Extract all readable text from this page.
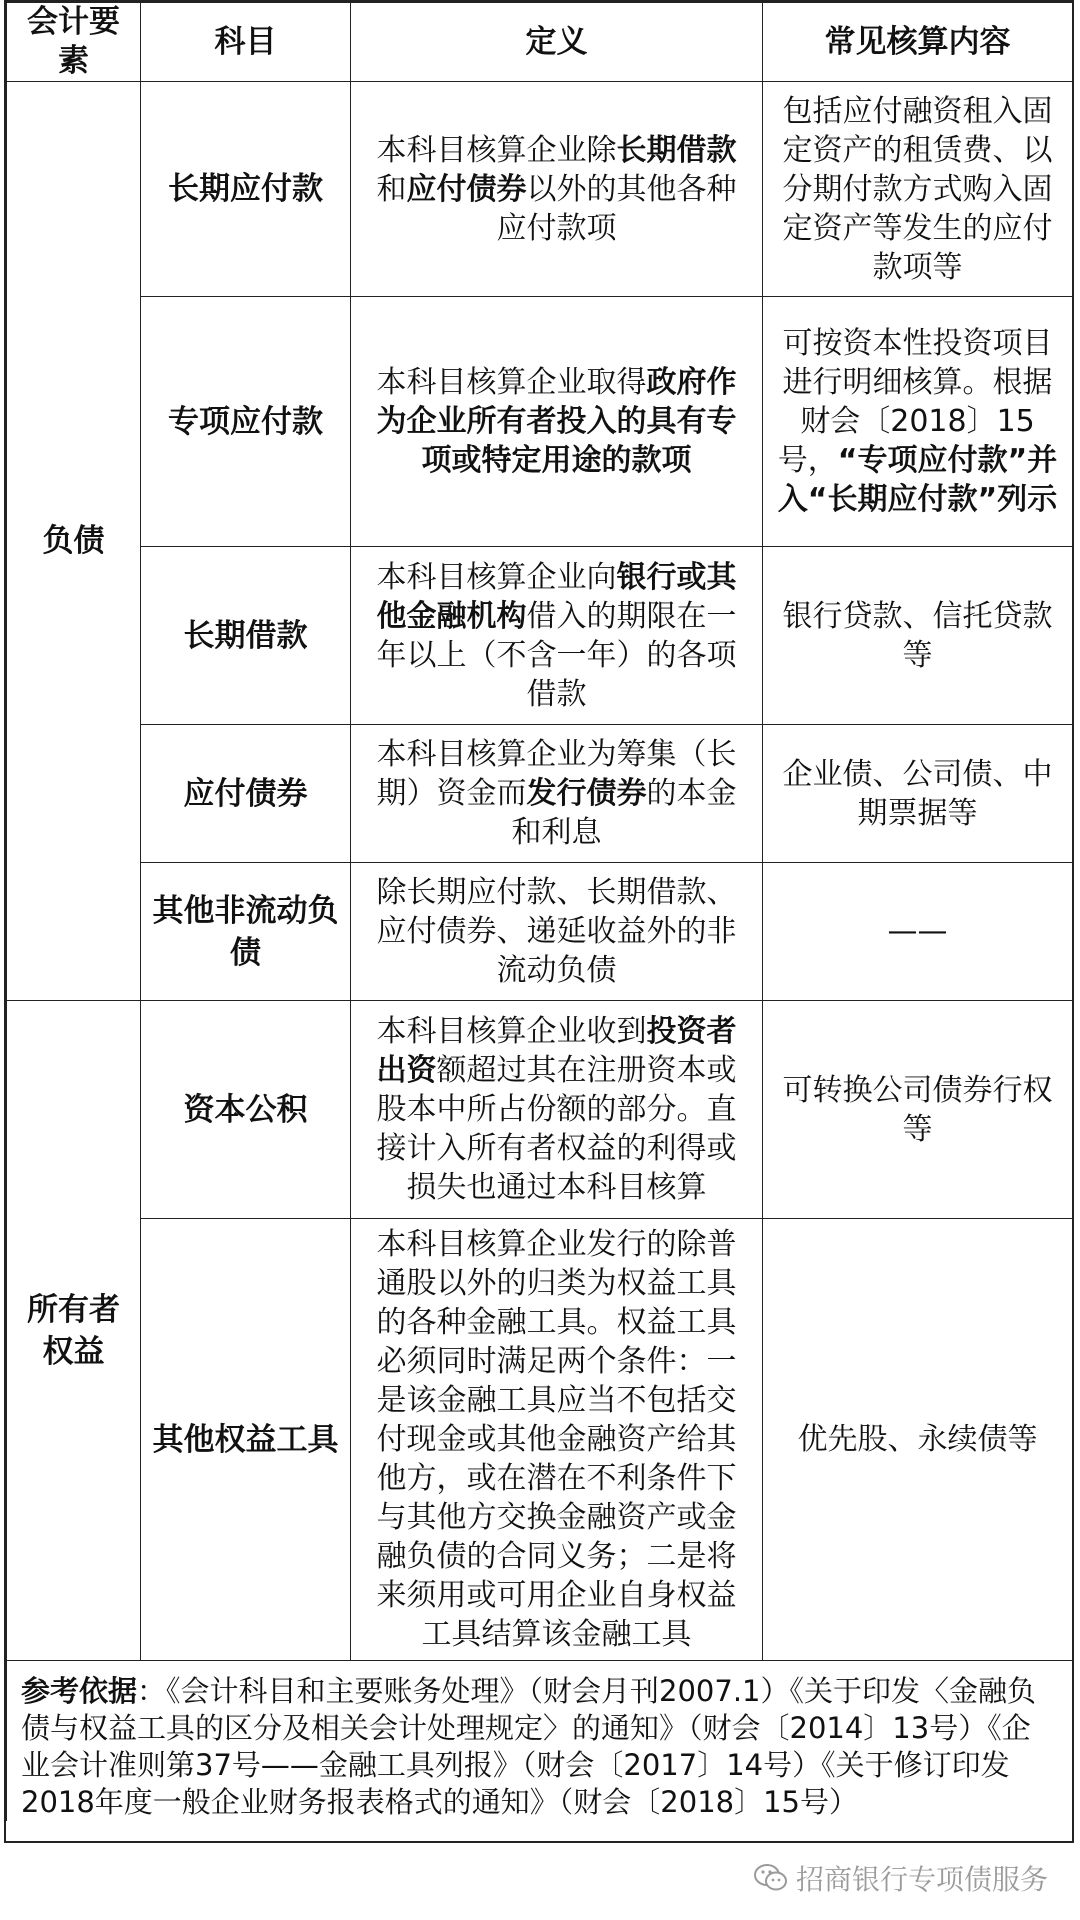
会计要素	科目	定义	常见核算内容
负债	长期应付款	本科目核算企业除长期借款和应付债券以外的其他各种应付款项	包括应付融资租入固定资产的租赁费、以分期付款方式购入固定资产等发生的应付款项等
	专项应付款	本科目核算企业取得政府作为企业所有者投入的具有专项或特定用途的款项	可按资本性投资项目进行明细核算。根据财会〔2018〕15号，“专项应付款”并入“长期应付款”列示
	长期借款	本科目核算企业向银行或其他金融机构借入的期限在一年以上（不含一年）的各项借款	银行贷款、信托贷款等
	应付债券	本科目核算企业为筹集（长期）资金而发行债券的本金和利息	企业债、公司债、中期票据等
	其他非流动负债	除长期应付款、长期借款、应付债券、递延收益外的非流动负债	——
所有者权益	资本公积	本科目核算企业收到投资者出资额超过其在注册资本或股本中所占份额的部分。直接计入所有者权益的利得或损失也通过本科目核算	可转换公司债券行权等
	其他权益工具	本科目核算企业发行的除普通股以外的归类为权益工具的各种金融工具。权益工具必须同时满足两个条件：一是该金融工具应当不包括交付现金或其他金融资产给其他方，或在潜在不利条件下与其他方交换金融资产或金融负债的合同义务；二是将来须用或可用企业自身权益工具结算该金融工具	优先股、永续债等
参考依据：《会计科目和主要账务处理》（财会月刊2007.1）《关于印发〈金融负债与权益工具的区分及相关会计处理规定〉的通知》（财会〔2014〕13号）《企业会计准则第37号——金融工具列报》（财会〔2017〕14号）《关于修订印发2018年度一般企业财务报表格式的通知》（财会〔2018〕15号）			
招商银行专项债服务
